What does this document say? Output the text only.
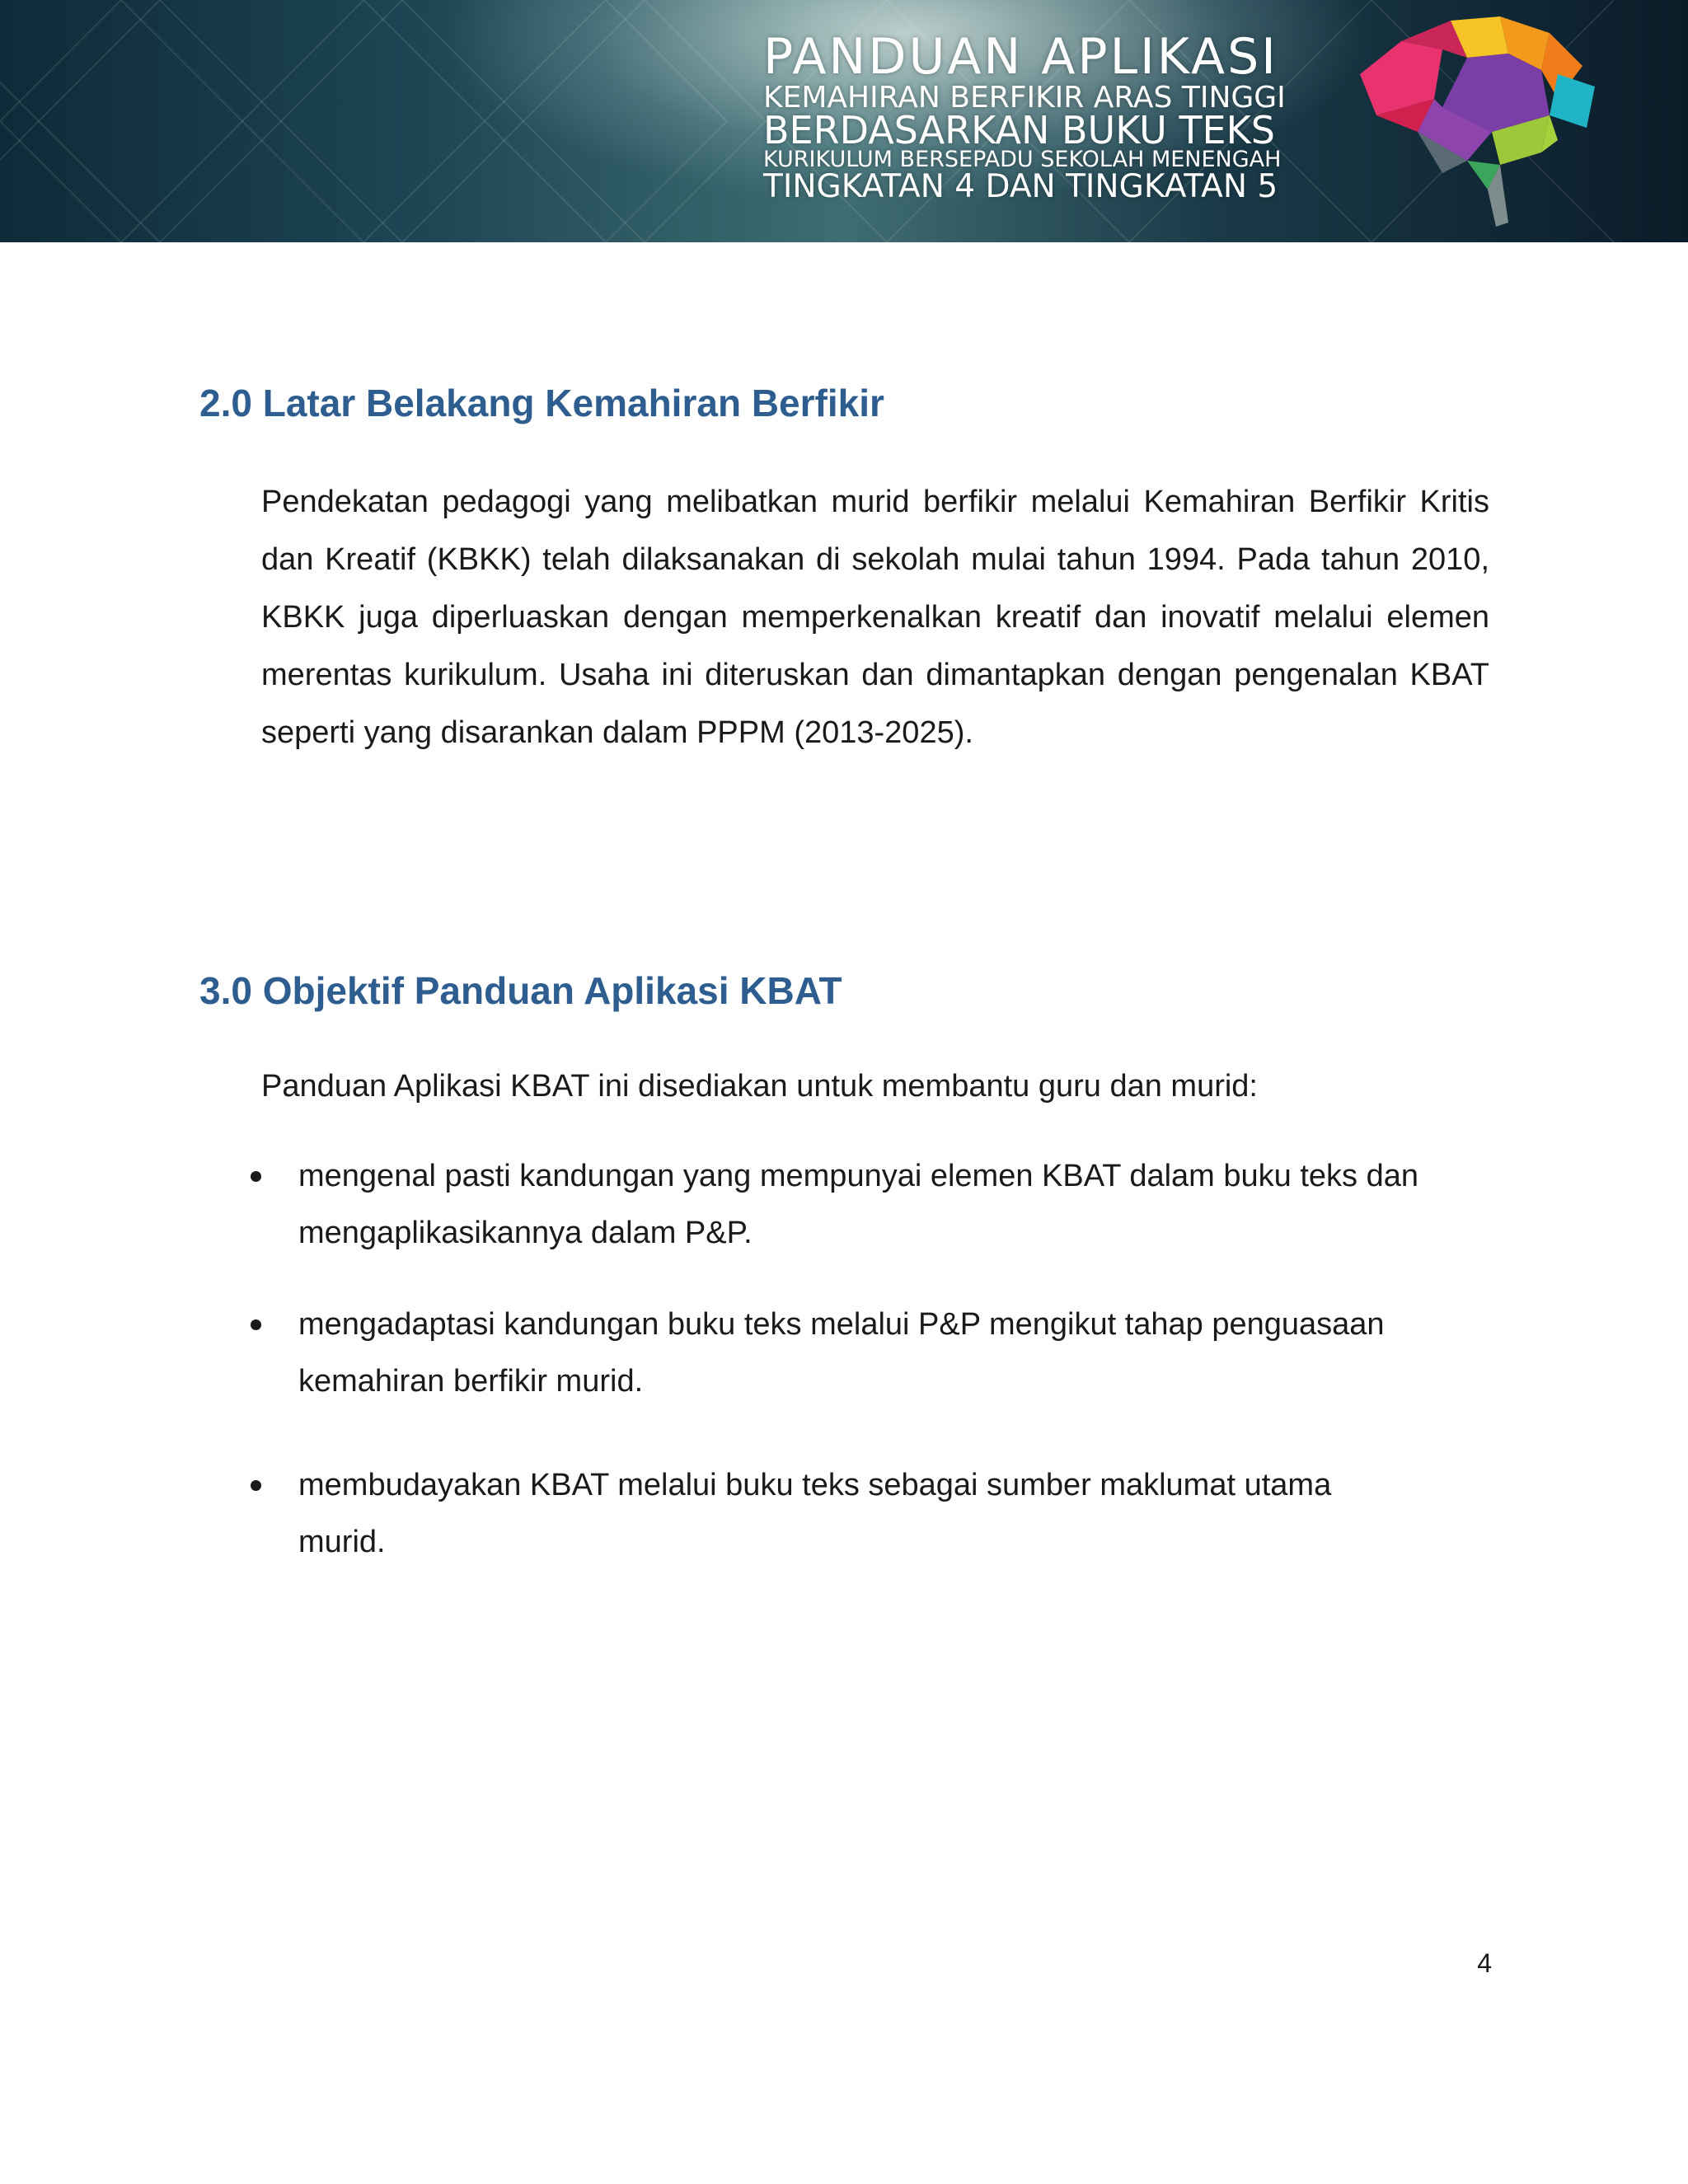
PANDUAN APLIKASI
KEMAHIRAN BERFIKIR ARAS TINGGI
BERDASARKAN BUKU TEKS
KURIKULUM BERSEPADU SEKOLAH MENENGAH
TINGKATAN 4 DAN TINGKATAN 5
2.0 Latar Belakang Kemahiran Berfikir

Pendekatan pedagogi yang melibatkan murid berfikir melalui Kemahiran Berfikir Kritis dan Kreatif (KBKK) telah dilaksanakan di sekolah mulai tahun 1994. Pada tahun 2010, KBKK juga diperluaskan dengan memperkenalkan kreatif dan inovatif melalui elemen merentas kurikulum. Usaha ini diteruskan dan dimantapkan dengan pengenalan KBAT seperti yang disarankan dalam PPPM (2013-2025).

3.0 Objektif Panduan Aplikasi KBAT

Panduan Aplikasi KBAT ini disediakan untuk membantu guru dan murid:

mengenal pasti kandungan yang mempunyai elemen KBAT dalam buku teks dan mengaplikasikannya dalam P&P.
mengadaptasi kandungan buku teks melalui P&P mengikut tahap penguasaan kemahiran berfikir murid.
membudayakan KBAT melalui buku teks sebagai sumber maklumat utama murid.
4
